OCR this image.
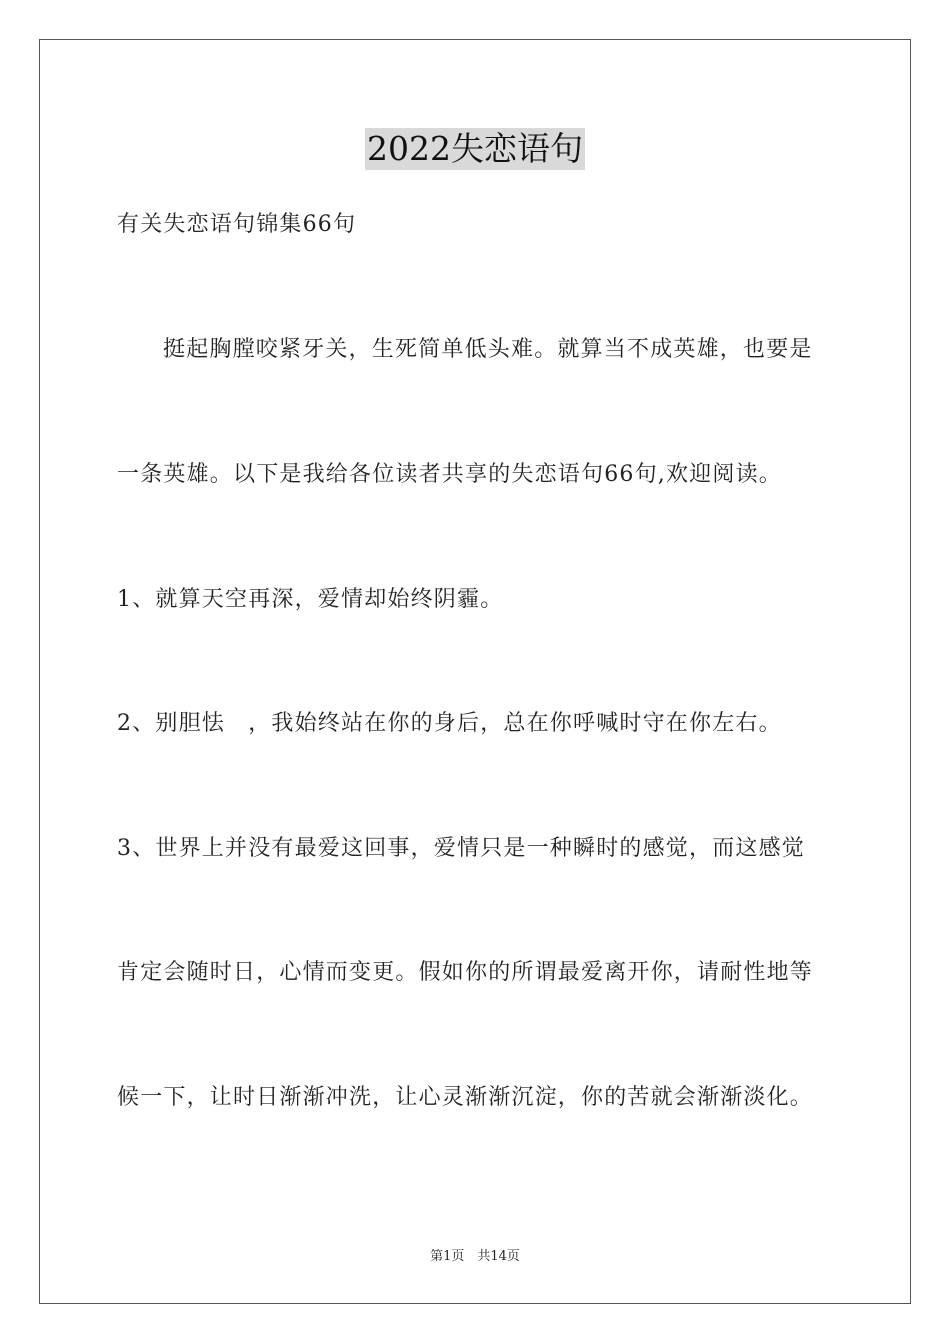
2022失恋语句
有关失恋语句锦集66句
挺起胸膛咬紧牙关，生死简单低头难。就算当不成英雄，也要是
一条英雄。以下是我给各位读者共享的失恋语句66句,欢迎阅读。
1、就算天空再深，爱情却始终阴霾。
2、别胆怯　，我始终站在你的身后，总在你呼喊时守在你左右。
3、世界上并没有最爱这回事，爱情只是一种瞬时的感觉，而这感觉
肯定会随时日，心情而变更。假如你的所谓最爱离开你，请耐性地等
候一下，让时日渐渐冲洗，让心灵渐渐沉淀，你的苦就会渐渐淡化。
第1页　共14页
